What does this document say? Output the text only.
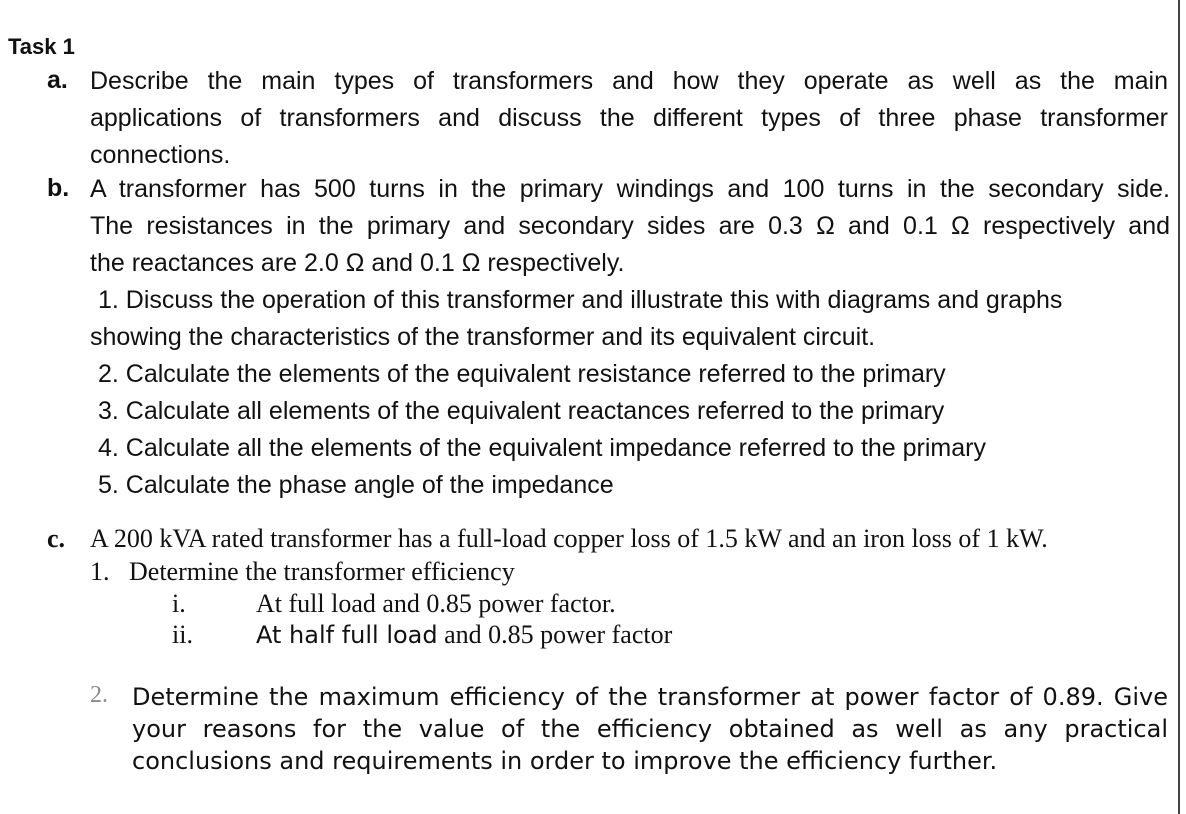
Task 1
a. Describe the main types of transformers and how they operate as well as the main
applications of transformers and discuss the different types of three phase transformer
connections.
b. A transformer has 500 turns in the primary windings and 100 turns in the secondary side.
The resistances in the primary and secondary sides are 0.3 Ω and 0.1 Ω respectively and
the reactances are 2.0 Ω and 0.1 Ω respectively.
1. Discuss the operation of this transformer and illustrate this with diagrams and graphs
showing the characteristics of the transformer and its equivalent circuit.
2. Calculate the elements of the equivalent resistance referred to the primary
3. Calculate all elements of the equivalent reactances referred to the primary
4. Calculate all the elements of the equivalent impedance referred to the primary
5. Calculate the phase angle of the impedance
c. A 200 kVA rated transformer has a full-load copper loss of 1.5 kW and an iron loss of 1 kW.
1.   Determine the transformer efficiency
i.	At full load and 0.85 power factor.
ii.	At half full load and 0.85 power factor
2. Determine the maximum efficiency of the transformer at power factor of 0.89. Give
your reasons for the value of the efficiency obtained as well as any practical
conclusions and requirements in order to improve the efficiency further.
